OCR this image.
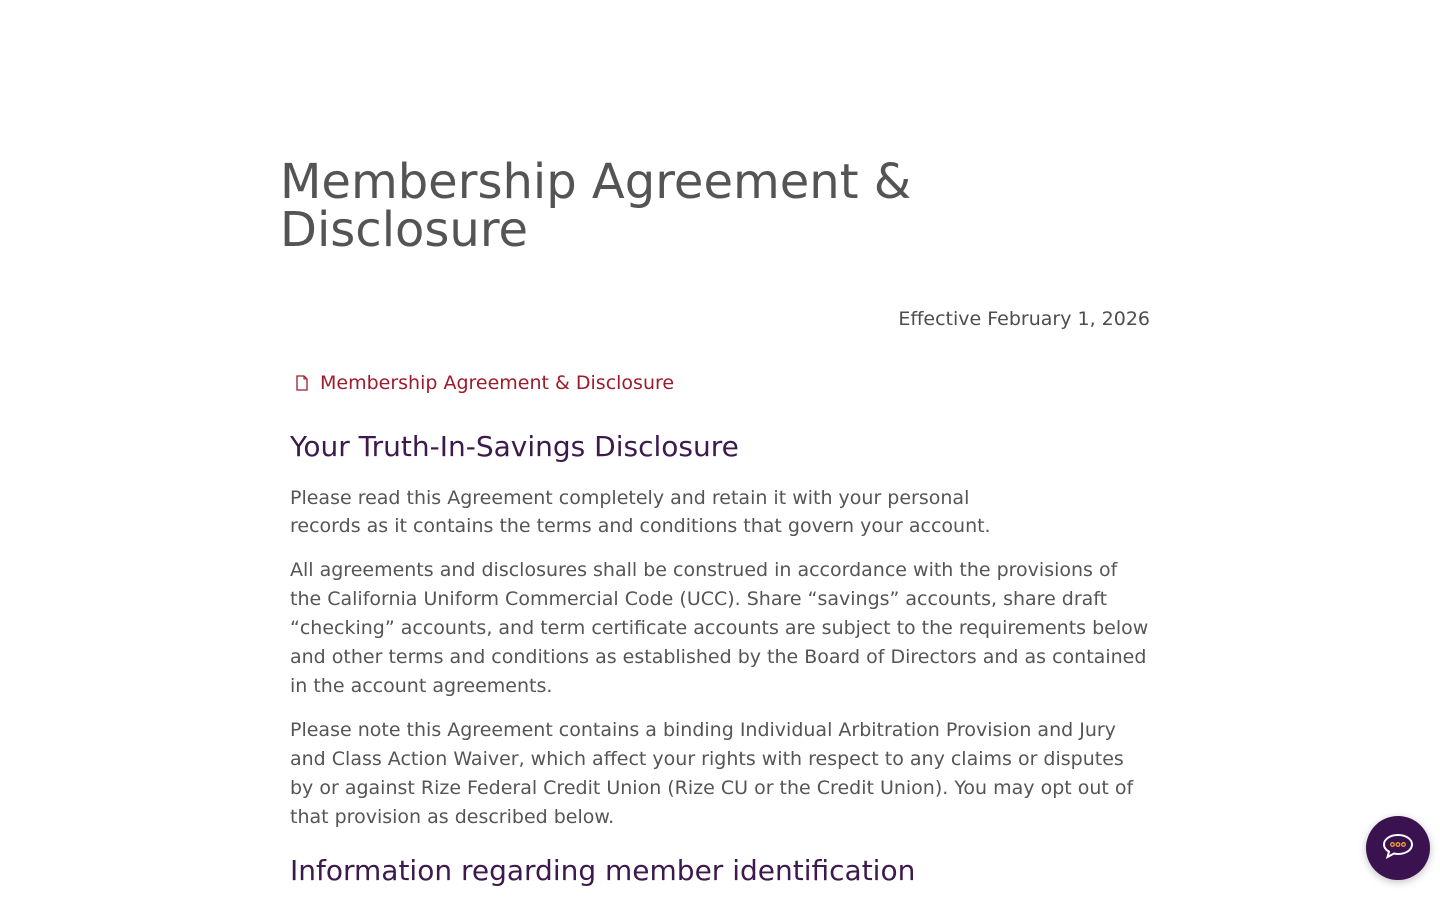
Membership Agreement & Disclosure

Effective February 1, 2026

Membership Agreement & Disclosure
Your Truth-In-Savings Disclosure

Please read this Agreement completely and retain it with your personal records as it contains the terms and conditions that govern your account.

All agreements and disclosures shall be construed in accordance with the provisions of the California Uniform Commercial Code (UCC). Share “savings” accounts, share draft “checking” accounts, and term certificate accounts are subject to the requirements below and other terms and conditions as established by the Board of Directors and as contained in the account agreements.

Please note this Agreement contains a binding Individual Arbitration Provision and Jury and Class Action Waiver, which affect your rights with respect to any claims or disputes by or against Rize Federal Credit Union (Rize CU or the Credit Union). You may opt out of that provision as described below.

Information regarding member identification
